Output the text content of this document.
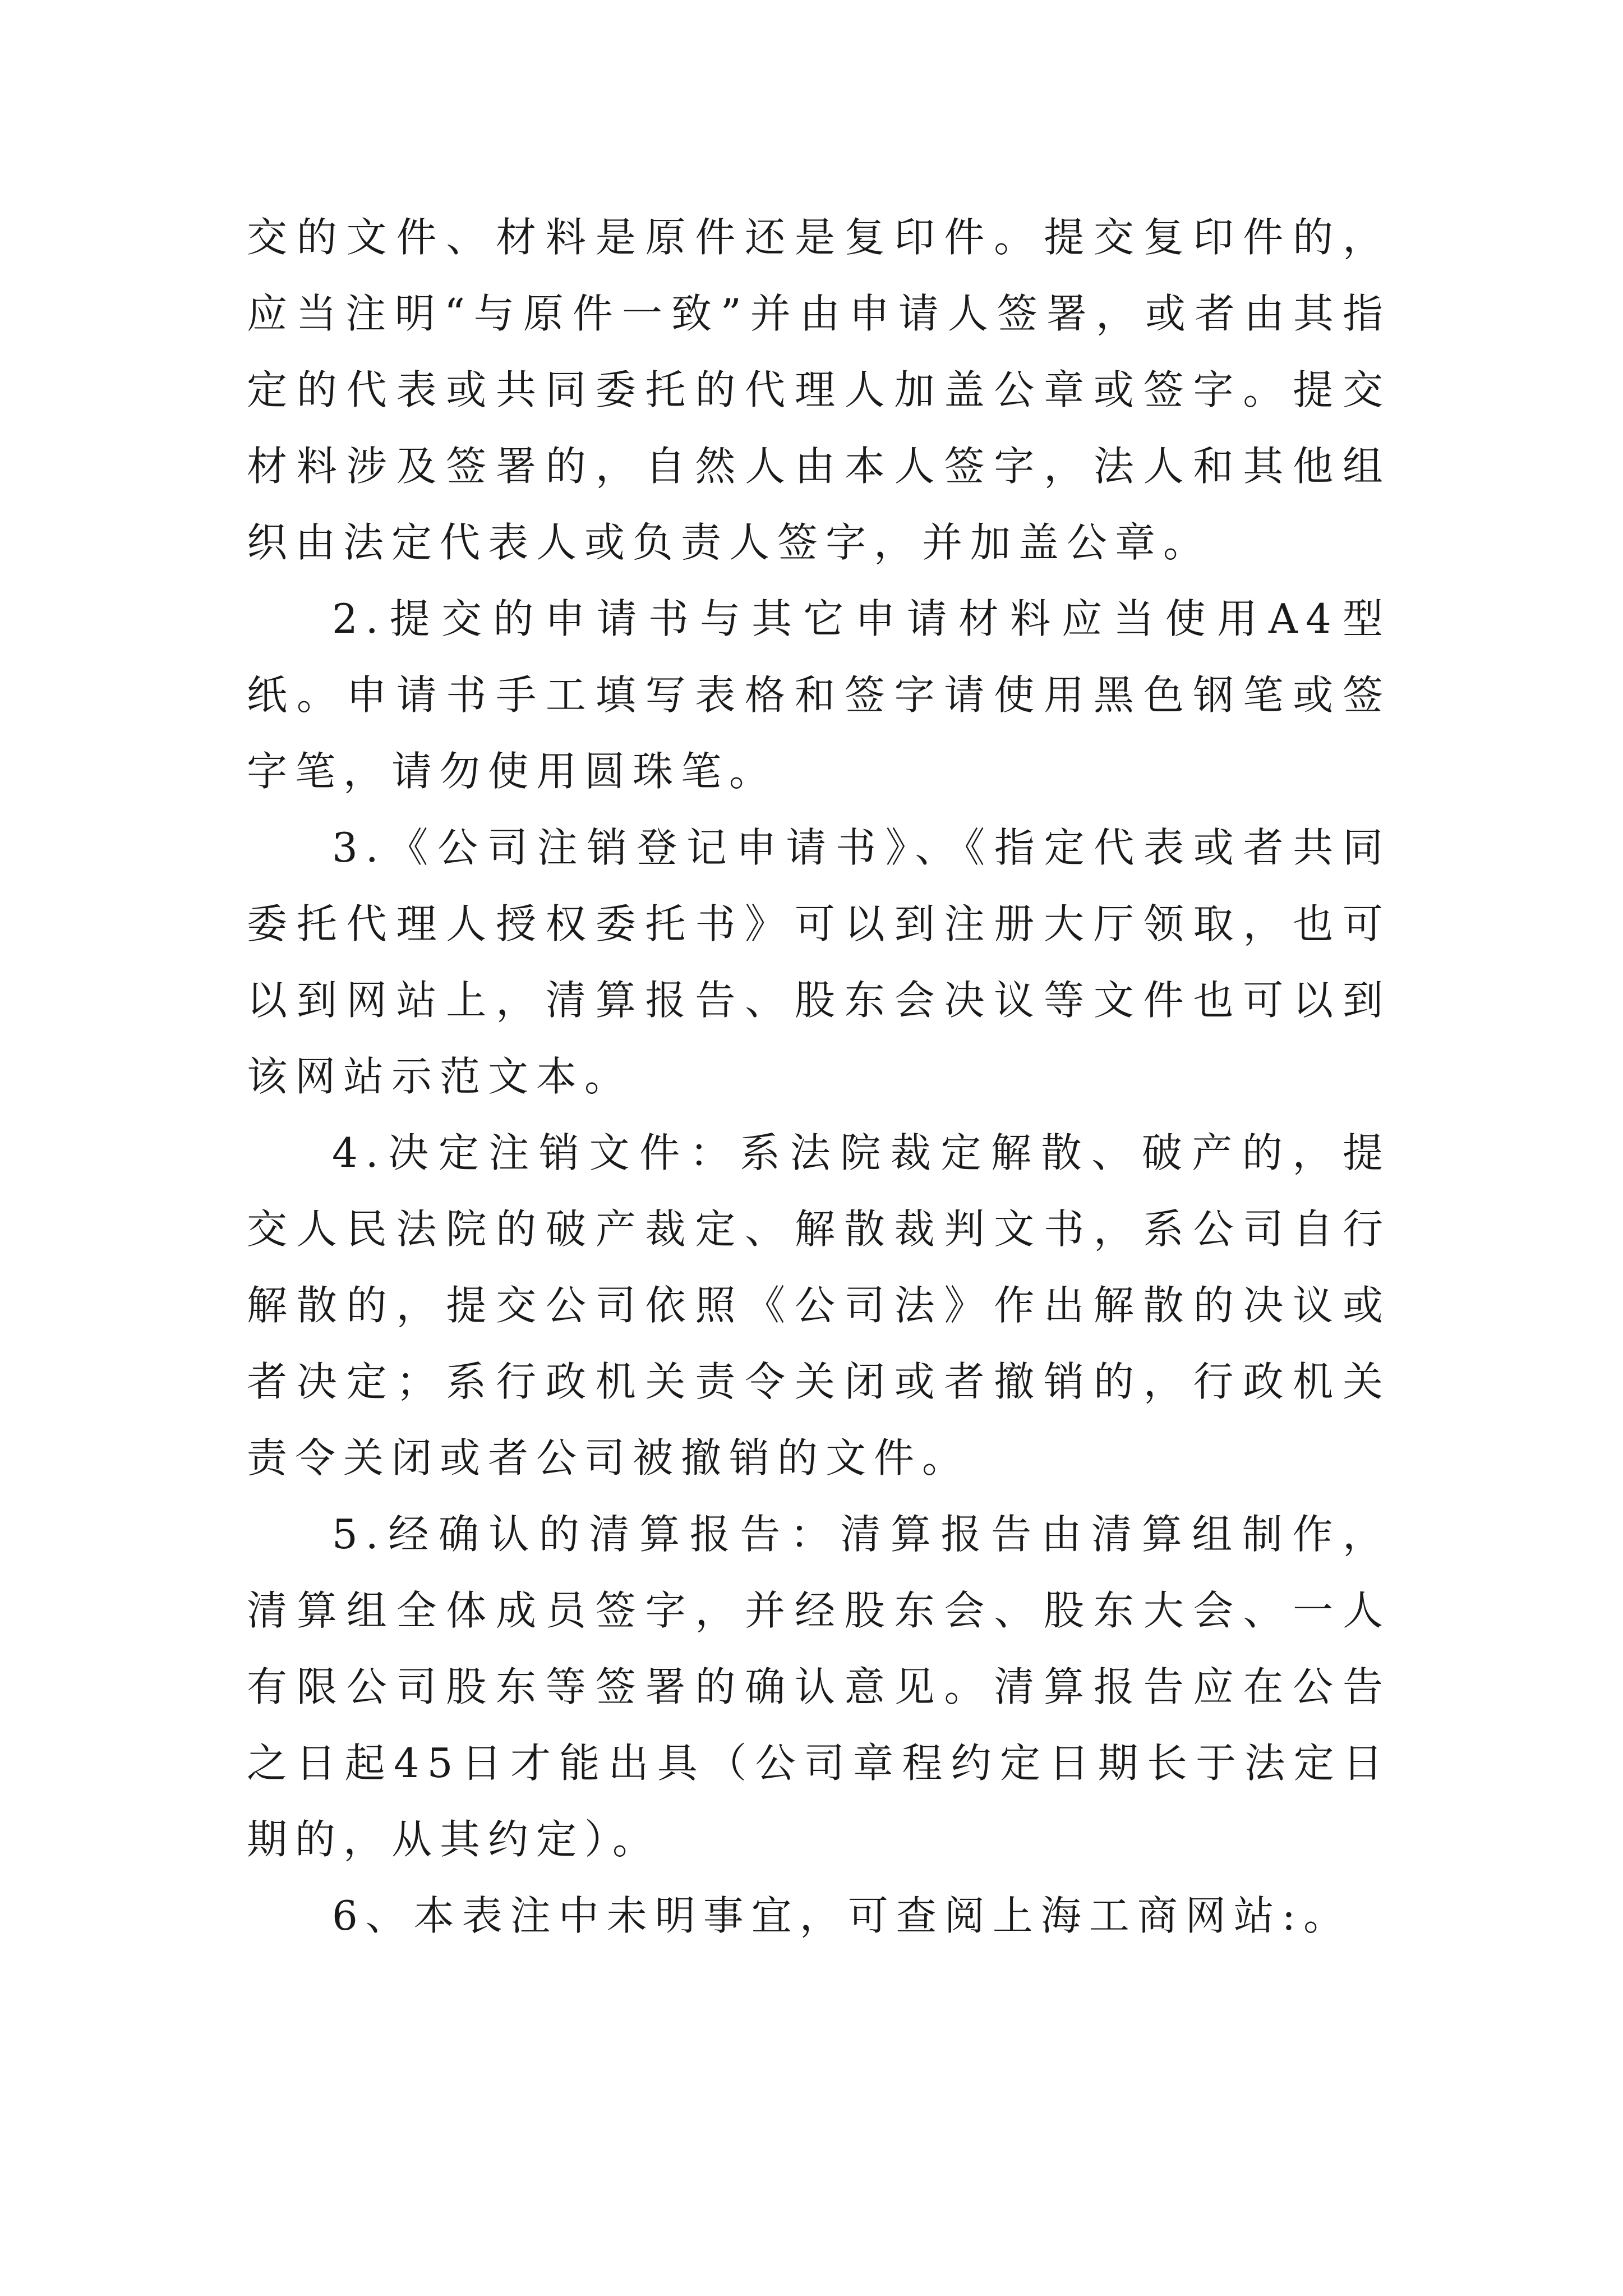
交的文件、材料是原件还是复印件。提交复印件的，应当注明“与原件一致”并由申请人签署，或者由其指定的代表或共同委托的代理人加盖公章或签字。提交材料涉及签署的，自然人由本人签字，法人和其他组织由法定代表人或负责人签字，并加盖公章。

2.提交的申请书与其它申请材料应当使用A4型纸。申请书手工填写表格和签字请使用黑色钢笔或签字笔，请勿使用圆珠笔。

3.《公司注销登记申请书》、《指定代表或者共同委托代理人授权委托书》可以到注册大厅领取，也可以到网站上，清算报告、股东会决议等文件也可以到该网站示范文本。

4.决定注销文件：系法院裁定解散、破产的，提交人民法院的破产裁定、解散裁判文书，系公司自行解散的，提交公司依照《公司法》作出解散的决议或者决定；系行政机关责令关闭或者撤销的，行政机关责令关闭或者公司被撤销的文件。

5.经确认的清算报告：清算报告由清算组制作，清算组全体成员签字，并经股东会、股东大会、一人有限公司股东等签署的确认意见。清算报告应在公告之日起45日才能出具（公司章程约定日期长于法定日期的，从其约定）。

6、本表注中未明事宜，可查阅上海工商网站:。
